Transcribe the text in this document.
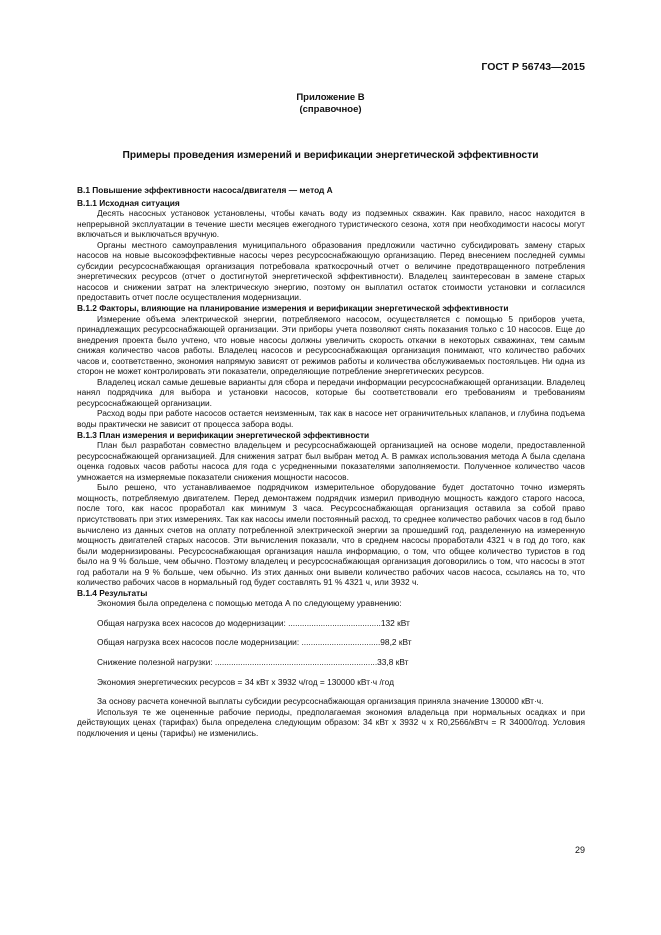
ГОСТ Р 56743—2015
Приложение В
(справочное)
Примеры проведения измерений и верификации энергетической эффективности

В.1 Повышение эффективности насоса/двигателя — метод А

В.1.1 Исходная ситуация

Десять насосных установок установлены, чтобы качать воду из подземных скважин. Как правило, насос находится в непрерывной эксплуатации в течение шести месяцев ежегодного туристического сезона, хотя при необходимости насосы могут включаться и выключаться вручную.

Органы местного самоуправления муниципального образования предложили частично субсидировать замену старых насосов на новые высокоэффективные насосы через ресурсоснабжающую организацию. Перед внесением последней суммы субсидии ресурсоснабжающая организация потребовала краткосрочный отчет о величине предотвращенного потребления энергетических ресурсов (отчет о достигнутой энергетической эффективности). Владелец заинтересован в замене старых насосов и снижении затрат на электрическую энергию, поэтому он выплатил остаток стоимости установки и согласился предоставить отчет после осуществления модернизации.

В.1.2 Факторы, влияющие на планирование измерения и верификации энергетической эффективности

Измерение объема электрической энергии, потребляемого насосом, осуществляется с помощью 5 приборов учета, принадлежащих ресурсоснабжающей организации. Эти приборы учета позволяют снять показания только с 10 насосов. Еще до внедрения проекта было учтено, что новые насосы должны увеличить скорость откачки в некоторых скважинах, тем самым снижая количество часов работы. Владелец насосов и ресурсоснабжающая организация понимают, что количество рабочих часов и, соответственно, экономия напрямую зависят от режимов работы и количества обслуживаемых постояльцев. Ни одна из сторон не может контролировать эти показатели, определяющие потребление энергетических ресурсов.

Владелец искал самые дешевые варианты для сбора и передачи информации ресурсоснабжающей организации. Владелец нанял подрядчика для выбора и установки насосов, которые бы соответствовали его требованиям и требованиям ресурсоснабжающей организации.

Расход воды при работе насосов остается неизменным, так как в насосе нет ограничительных клапанов, и глубина подъема воды практически не зависит от процесса забора воды.

В.1.3 План измерения и верификации энергетической эффективности

План был разработан совместно владельцем и ресурсоснабжающей организацией на основе модели, предоставленной ресурсоснабжающей организацией. Для снижения затрат был выбран метод А. В рамках использования метода А была сделана оценка годовых часов работы насоса для года с усредненными показателями заполняемости. Полученное количество часов умножается на измеряемые показатели снижения мощности насосов.

Было решено, что устанавливаемое подрядчиком измерительное оборудование будет достаточно точно измерять мощность, потребляемую двигателем. Перед демонтажем подрядчик измерил приводную мощность каждого старого насоса, после того, как насос проработал как минимум 3 часа. Ресурсоснабжающая организация оставила за собой право присутствовать при этих измерениях. Так как насосы имели постоянный расход, то среднее количество рабочих часов в год было вычислено из данных счетов на оплату потребленной электрической энергии за прошедший год, разделенную на измеренную мощность двигателей старых насосов. Эти вычисления показали, что в среднем насосы проработали 4321 ч в год до того, как были модернизированы. Ресурсоснабжающая организация нашла информацию, о том, что общее количество туристов в год было на 9 % больше, чем обычно. Поэтому владелец и ресурсоснабжающая организация договорились о том, что насосы в этот год работали на 9 % больше, чем обычно. Из этих данных они вывели количество рабочих часов насоса, ссылаясь на то, что количество рабочих часов в нормальный год будет составлять 91 % 4321 ч, или 3932 ч.

В.1.4 Результаты

Экономия была определена с помощью метода А по следующему уравнению:

Общая нагрузка всех насосов до модернизации: ........................................132 кВт

Общая нагрузка всех насосов после модернизации: ..................................98,2 кВт

Снижение полезной нагрузки: ......................................................................33,8 кВт

Экономия энергетических ресурсов = 34 кВт x 3932 ч/год = 130000 кВт·ч /год

За основу расчета конечной выплаты субсидии ресурсоснабжающая организация приняла значение 130000 кВт·ч.

Используя те же оцененные рабочие периоды, предполагаемая экономия владельца при нормальных осадках и при действующих ценах (тарифах) была определена следующим образом: 34 кВт x 3932 ч x R0,2566/кВтч = R 34000/год. Условия подключения и цены (тарифы) не изменились.

29
